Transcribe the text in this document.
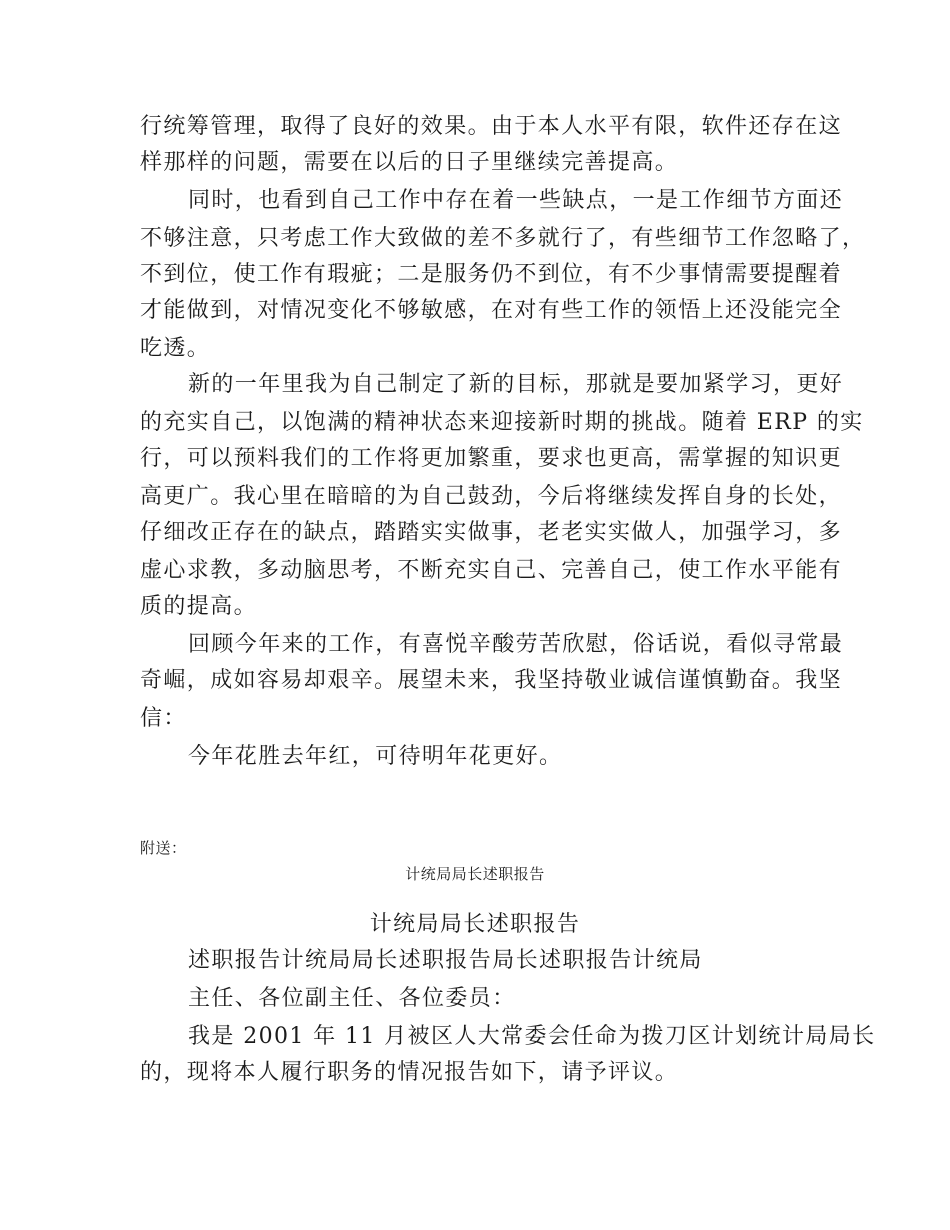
行统筹管理，取得了良好的效果。由于本人水平有限，软件还存在这
样那样的问题，需要在以后的日子里继续完善提高。
同时，也看到自己工作中存在着一些缺点，一是工作细节方面还
不够注意，只考虑工作大致做的差不多就行了，有些细节工作忽略了，
不到位，使工作有瑕疵；二是服务仍不到位，有不少事情需要提醒着
才能做到，对情况变化不够敏感，在对有些工作的领悟上还没能完全
吃透。
新的一年里我为自己制定了新的目标，那就是要加紧学习，更好
的充实自己，以饱满的精神状态来迎接新时期的挑战。随着 ERP 的实
行，可以预料我们的工作将更加繁重，要求也更高，需掌握的知识更
高更广。我心里在暗暗的为自己鼓劲，今后将继续发挥自身的长处，
仔细改正存在的缺点，踏踏实实做事，老老实实做人，加强学习，多
虚心求教，多动脑思考，不断充实自己、完善自己，使工作水平能有
质的提高。
回顾今年来的工作，有喜悦辛酸劳苦欣慰，俗话说，看似寻常最
奇崛，成如容易却艰辛。展望未来，我坚持敬业诚信谨慎勤奋。我坚
信：
今年花胜去年红，可待明年花更好。
附送：
计统局局长述职报告
计统局局长述职报告
述职报告计统局局长述职报告局长述职报告计统局
主任、各位副主任、各位委员：
我是 2001 年 11 月被区人大常委会任命为拨刀区计划统计局局长
的，现将本人履行职务的情况报告如下，请予评议。
